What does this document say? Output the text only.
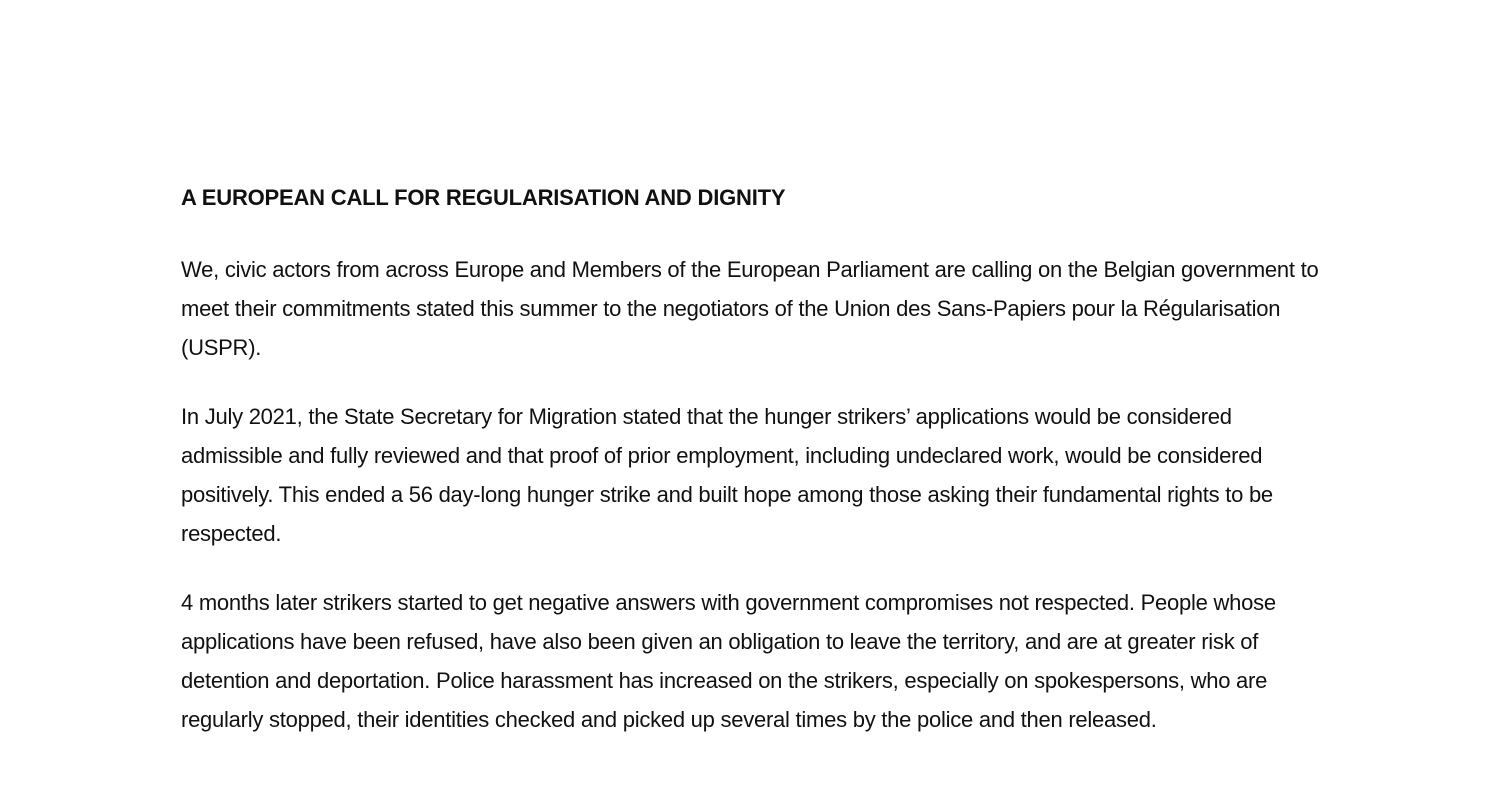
A EUROPEAN CALL FOR REGULARISATION AND DIGNITY

We, civic actors from across Europe and Members of the European Parliament are calling on the Belgian government to meet their commitments stated this summer to the negotiators of the Union des Sans-Papiers pour la Régularisation (USPR).

In July 2021, the State Secretary for Migration stated that the hunger strikers’ applications would be considered admissible and fully reviewed and that proof of prior employment, including undeclared work, would be considered positively. This ended a 56 day-long hunger strike and built hope among those asking their fundamental rights to be respected.

4 months later strikers started to get negative answers with government compromises not respected. People whose applications have been refused, have also been given an obligation to leave the territory, and are at greater risk of detention and deportation. Police harassment has increased on the strikers, especially on spokespersons, who are regularly stopped, their identities checked and picked up several times by the police and then released.
